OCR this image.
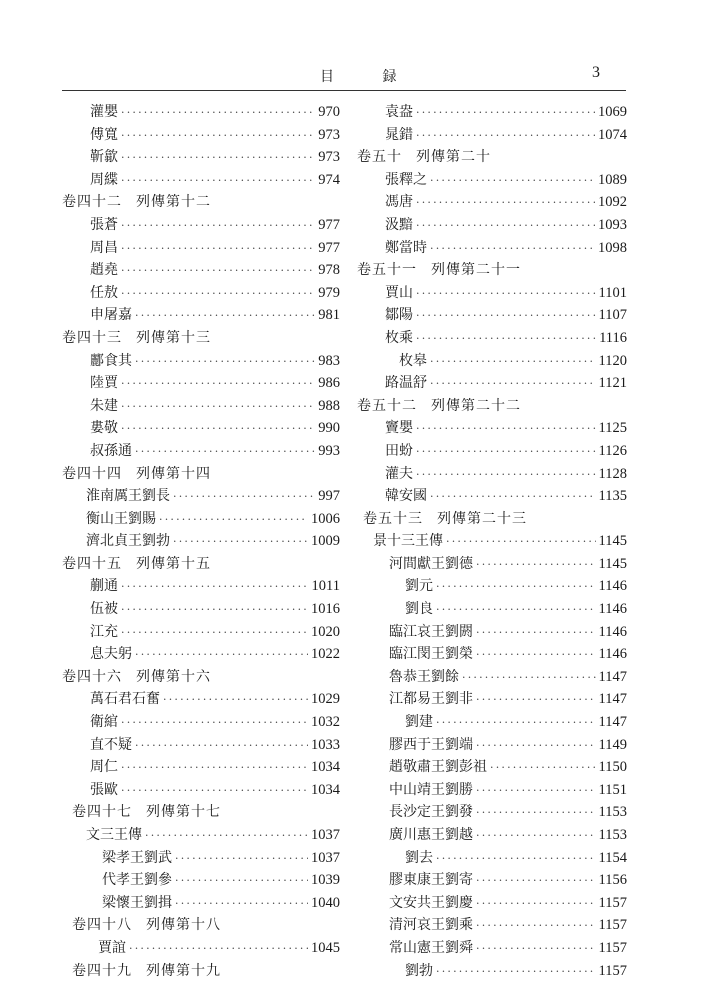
目 録	3
灌嬰 ·····	970
傅寬 ·····	973
靳歙 ·····	973
周緤 ·····	974
卷四十二 列傳第十二
張蒼 ·····	977
周昌 ·····	977
趙堯 ·····	978
任敖 ·····	979
申屠嘉 ·····	981
卷四十三 列傳第十三
酈食其 ·····	983
陸賈 ·····	986
朱建 ·····	988
婁敬 ·····	990
叔孫通 ·····	993
卷四十四 列傳第十四
淮南厲王劉長 ·····	997
衡山王劉賜 ·····	1006
濟北貞王劉勃 ·····	1009
卷四十五 列傳第十五
蒯通 ·····	1011
伍被 ·····	1016
江充 ·····	1020
息夫躬 ·····	1022
卷四十六 列傳第十六
萬石君石奮 ·····	1029
衛綰 ·····	1032
直不疑 ·····	1033
周仁 ·····	1034
張歐 ·····	1034
卷四十七 列傳第十七
文三王傳 ·····	1037
梁孝王劉武 ·····	1037
代孝王劉參 ·····	1039
梁懷王劉揖 ·····	1040
卷四十八 列傳第十八
賈誼 ·····	1045
卷四十九 列傳第十九
袁盎 ·····	1069
晁錯 ·····	1074
卷五十 列傳第二十
張釋之 ·····	1089
馮唐 ·····	1092
汲黯 ·····	1093
鄭當時 ·····	1098
卷五十一 列傳第二十一
賈山 ·····	1101
鄒陽 ·····	1107
枚乘 ·····	1116
枚皋 ·····	1120
路温舒 ·····	1121
卷五十二 列傳第二十二
竇嬰 ·····	1125
田蚡 ·····	1126
灌夫 ·····	1128
韓安國 ·····	1135
卷五十三 列傳第二十三
景十三王傳 ·····	1145
河間獻王劉德 ·····	1145
劉元 ·····	1146
劉良 ·····	1146
臨江哀王劉閼 ·····	1146
臨江閔王劉榮 ·····	1146
魯恭王劉餘 ·····	1147
江都易王劉非 ·····	1147
劉建 ·····	1147
膠西于王劉端 ·····	1149
趙敬肅王劉彭祖 ·····	1150
中山靖王劉勝 ·····	1151
長沙定王劉發 ·····	1153
廣川惠王劉越 ·····	1153
劉去 ·····	1154
膠東康王劉寄 ·····	1156
文安共王劉慶 ·····	1157
清河哀王劉乘 ·····	1157
常山憲王劉舜 ·····	1157
劉勃 ·····	1157
